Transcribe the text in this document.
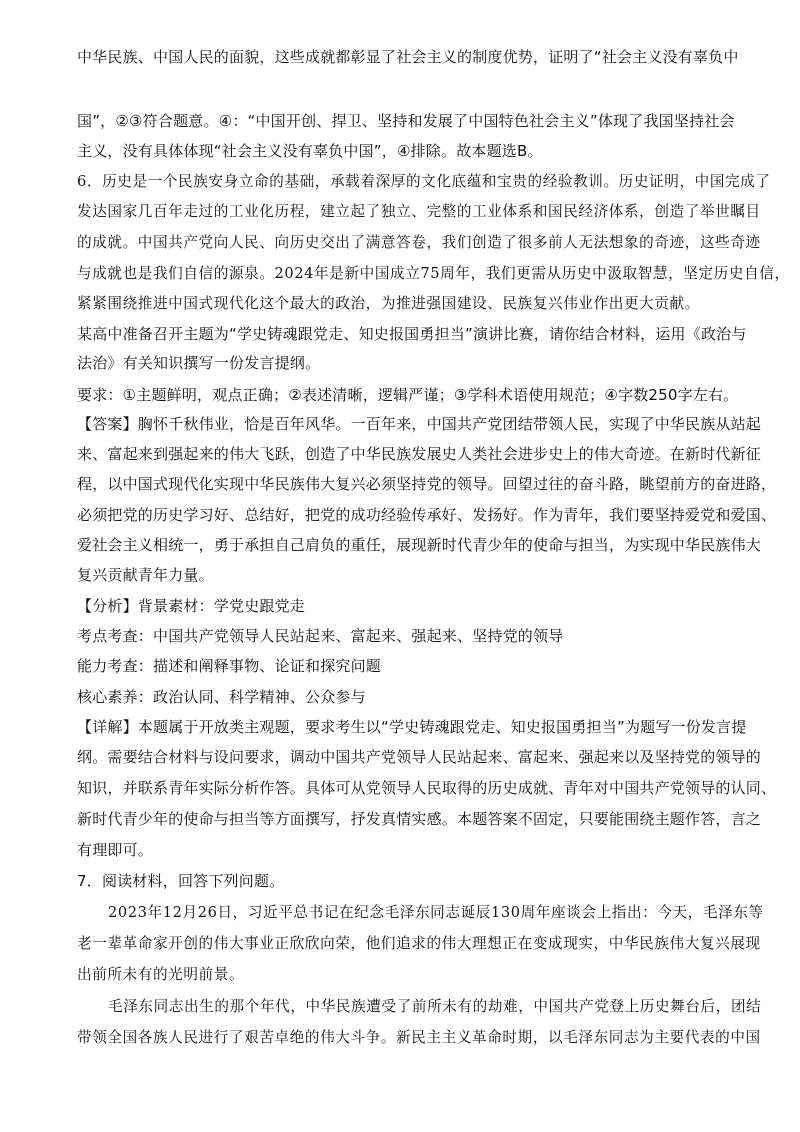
中华民族、中国人民的面貌，这些成就都彰显了社会主义的制度优势，证明了“社会主义没有辜负中
国”，②③符合题意。④：“中国开创、捍卫、坚持和发展了中国特色社会主义”体现了我国坚持社会
主义，没有具体体现“社会主义没有辜负中国”，④排除。故本题选B。
6．历史是一个民族安身立命的基础，承载着深厚的文化底蕴和宝贵的经验教训。历史证明，中国完成了
发达国家几百年走过的工业化历程，建立起了独立、完整的工业体系和国民经济体系，创造了举世瞩目
的成就。中国共产党向人民、向历史交出了满意答卷，我们创造了很多前人无法想象的奇迹，这些奇迹
与成就也是我们自信的源泉。2024年是新中国成立75周年，我们更需从历史中汲取智慧，坚定历史自信，
紧紧围绕推进中国式现代化这个最大的政治，为推进强国建设、民族复兴伟业作出更大贡献。
某高中准备召开主题为“学史铸魂跟党走、知史报国勇担当”演讲比赛，请你结合材料，运用《政治与
法治》有关知识撰写一份发言提纲。
要求：①主题鲜明，观点正确；②表述清晰，逻辑严谨；③学科术语使用规范；④字数250字左右。
【答案】胸怀千秋伟业，恰是百年风华。一百年来，中国共产党团结带领人民，实现了中华民族从站起
来、富起来到强起来的伟大飞跃，创造了中华民族发展史人类社会进步史上的伟大奇迹。在新时代新征
程，以中国式现代化实现中华民族伟大复兴必须坚持党的领导。回望过往的奋斗路，眺望前方的奋进路，
必须把党的历史学习好、总结好，把党的成功经验传承好、发扬好。作为青年，我们要坚持爱党和爱国、
爱社会主义相统一，勇于承担自己肩负的重任，展现新时代青少年的使命与担当，为实现中华民族伟大
复兴贡献青年力量。
【分析】背景素材：学党史跟党走
考点考查：中国共产党领导人民站起来、富起来、强起来、坚持党的领导
能力考查：描述和阐释事物、论证和探究问题
核心素养：政治认同、科学精神、公众参与
【详解】本题属于开放类主观题，要求考生以“学史铸魂跟党走、知史报国勇担当”为题写一份发言提
纲。需要结合材料与设问要求，调动中国共产党领导人民站起来、富起来、强起来以及坚持党的领导的
知识，并联系青年实际分析作答。具体可从党领导人民取得的历史成就、青年对中国共产党领导的认同、
新时代青少年的使命与担当等方面撰写，抒发真情实感。本题答案不固定，只要能围绕主题作答，言之
有理即可。
7．阅读材料，回答下列问题。
2023年12月26日，习近平总书记在纪念毛泽东同志诞辰130周年座谈会上指出：今天，毛泽东等
老一辈革命家开创的伟大事业正欣欣向荣，他们追求的伟大理想正在变成现实，中华民族伟大复兴展现
出前所未有的光明前景。
毛泽东同志出生的那个年代，中华民族遭受了前所未有的劫难，中国共产党登上历史舞台后，团结
带领全国各族人民进行了艰苦卓绝的伟大斗争。新民主主义革命时期，以毛泽东同志为主要代表的中国
